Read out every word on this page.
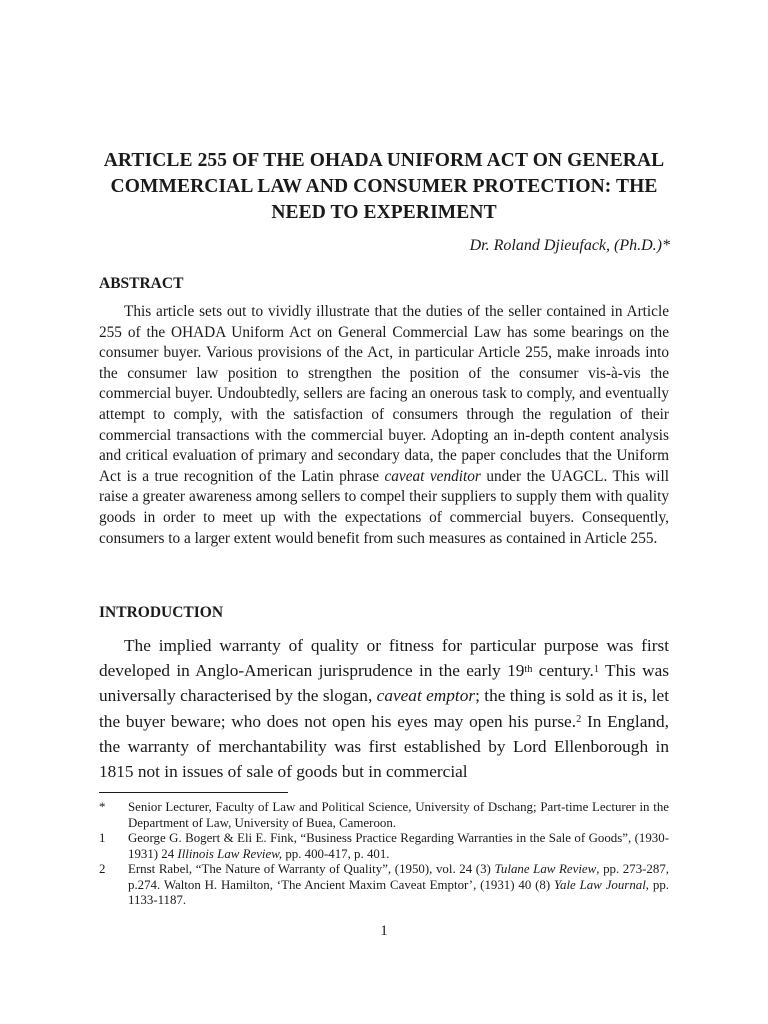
ARTICLE 255 OF THE OHADA UNIFORM ACT ON GENERAL COMMERCIAL LAW AND CONSUMER PROTECTION: THE NEED TO EXPERIMENT
Dr. Roland Djieufack, (Ph.D.)*
ABSTRACT

This article sets out to vividly illustrate that the duties of the seller contained in Article 255 of the OHADA Uniform Act on General Commercial Law has some bearings on the consumer buyer. Various provisions of the Act, in particular Article 255, make inroads into the consumer law position to strengthen the position of the consumer vis-à-vis the commercial buyer. Undoubtedly, sellers are facing an onerous task to comply, and eventually attempt to comply, with the satisfaction of consumers through the regulation of their commercial transactions with the commercial buyer. Adopting an in-depth content analysis and critical evaluation of primary and secondary data, the paper concludes that the Uniform Act is a true recognition of the Latin phrase caveat venditor under the UAGCL. This will raise a greater awareness among sellers to compel their suppliers to supply them with quality goods in order to meet up with the expectations of commercial buyers. Consequently, consumers to a larger extent would benefit from such measures as contained in Article 255.

INTRODUCTION

The implied warranty of quality or fitness for particular purpose was first developed in Anglo-American jurisprudence in the early 19th century.$^1$ This was universally characterised by the slogan, caveat emptor; the thing is sold as it is, let the buyer beware; who does not open his eyes may open his purse.$^2$ In England, the warranty of merchantability was first established by Lord Ellenborough in 1815 not in issues of sale of goods but in commercial

*	Senior Lecturer, Faculty of Law and Political Science, University of Dschang; Part-time Lecturer in the Department of Law, University of Buea, Cameroon.

1	George G. Bogert & Eli E. Fink, “Business Practice Regarding Warranties in the Sale of Goods”, (1930-1931) 24 Illinois Law Review, pp. 400-417, p. 401.

2	Ernst Rabel, “The Nature of Warranty of Quality”, (1950), vol. 24 (3) Tulane Law Review, pp. 273-287, p.274. Walton H. Hamilton, ‘The Ancient Maxim Caveat Emptor’, (1931) 40 (8) Yale Law Journal, pp. 1133-1187.

1
